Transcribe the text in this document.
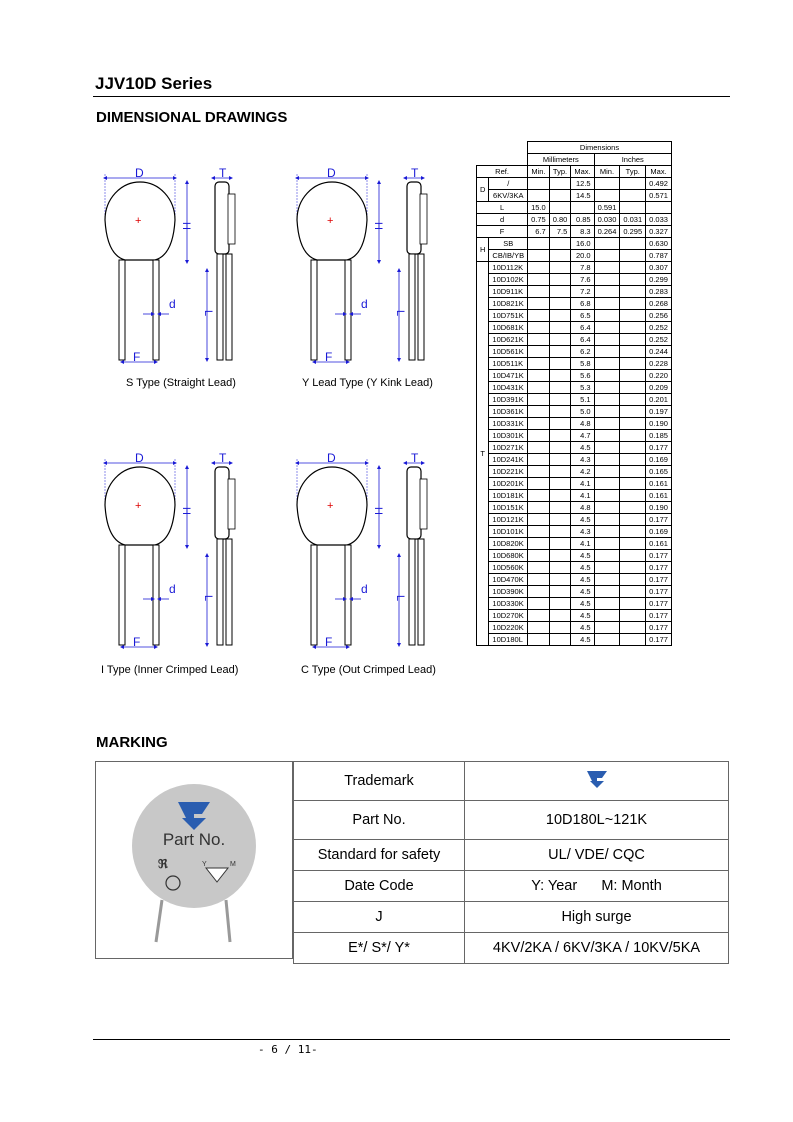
JJV10D Series
DIMENSIONAL DRAWINGS
D
+	H
d
F
T
L
S Type (Straight Lead)	Y Lead Type (Y Kink Lead)
I Type (Inner Crimped Lead)	C Type (Out Crimped Lead)
		Dimensions					
		Millimeters			Inches		
Ref.		Min.	Typ.	Max.	Min.	Typ.	Max.
D	/			12.5			0.492
	6KV/3KA			14.5			0.571
L		15.0			0.591		
d		0.75	0.80	0.85	0.030	0.031	0.033
F		6.7	7.5	8.3	0.264	0.295	0.327
H	SB			16.0			0.630
	CB/IB/YB			20.0			0.787
T	10D112K			7.8			0.307
	10D102K			7.6			0.299
	10D911K			7.2			0.283
	10D821K			6.8			0.268
	10D751K			6.5			0.256
	10D681K			6.4			0.252
	10D621K			6.4			0.252
	10D561K			6.2			0.244
	10D511K			5.8			0.228
	10D471K			5.6			0.220
	10D431K			5.3			0.209
	10D391K			5.1			0.201
	10D361K			5.0			0.197
	10D331K			4.8			0.190
	10D301K			4.7			0.185
	10D271K			4.5			0.177
	10D241K			4.3			0.169
	10D221K			4.2			0.165
	10D201K			4.1			0.161
	10D181K			4.1			0.161
	10D151K			4.8			0.190
	10D121K			4.5			0.177
	10D101K			4.3			0.169
	10D820K			4.1			0.161
	10D680K			4.5			0.177
	10D560K			4.5			0.177
	10D470K			4.5			0.177
	10D390K			4.5			0.177
	10D330K			4.5			0.177
	10D270K			4.5			0.177
	10D220K			4.5			0.177
	10D180L			4.5			0.177
MARKING
Part No.
ℜ	Y	M
Trademark	
Part No.	10D180L~121K
Standard for safety	UL/ VDE/ CQC
Date Code	Y: Year      M: Month
J	High surge
E*/ S*/ Y*	4KV/2KA / 6KV/3KA / 10KV/5KA
- 6 / 11-
